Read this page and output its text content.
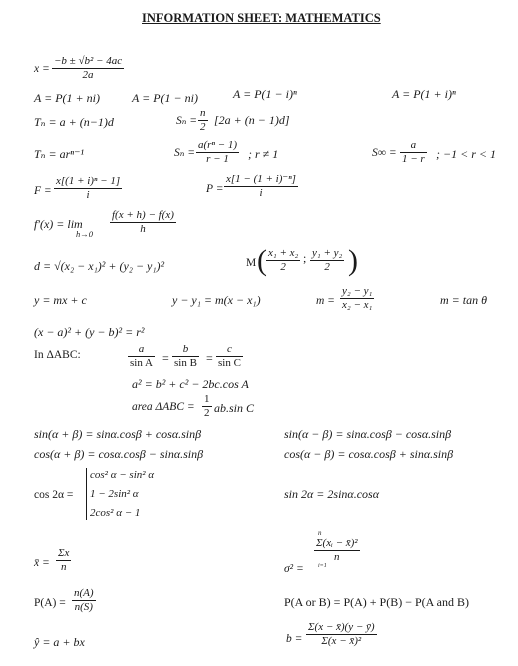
INFORMATION SHEET: MATHEMATICS
$x = \frac{\text{−b ± √b² − 4ac}}{2a}$
A = P(1 + ni)	A = P(1 − ni)	A = P(1 − i)ⁿ	A = P(1 + i)ⁿ
Tₙ = a + (n−1)d	$S_n = \frac{n}{2} [2a + (n - 1)d]$
Tₙ = arⁿ⁻¹	$S_n = \frac{\text{a(rⁿ − 1)}}{r - 1}$ ; r ≠ 1	$S\infty = \frac{a}{1 - r}$ ; −1 < r < 1
$F = \frac{\text{x[(1 + i)ⁿ − 1]}}{i}$	$P = \frac{\text{x[1 − (1 + i)⁻ⁿ]}}{i}$
f′(x) = lim
$h\to 0 \frac{f(x + h) - f(x)}{h}$
d = √(x₂ − x₁)² + (y₂ − y₁)²	M ( $\frac{\text{x₁ + x₂}}{2}$ ; $\frac{\text{y₁ + y₂}}{2}$ )
y = mx + c	y − y₁ = m(x − x₁)	$m = \frac{\text{y₂ − y₁}}{\text{x₂ − x₁}}$	m = tan θ
(x − a)² + (y − b)² = r²
In ΔABC:	$\frac{a}{\text{sin A}} = \frac{b}{\text{sin B}} = \frac{c}{\text{sin C}}$
a² = b² + c² − 2bc.cos A
area $\Delta ABC = \frac{1}{2} ab.\sin$ C
sin(α + β) = sinα.cosβ + cosα.sinβ	sin(α − β) = sinα.cosβ − cosα.sinβ
cos(α + β) = cosα.cosβ − sinα.sinβ	cos(α − β) = cosα.cosβ + sinα.sinβ
cos 2α =
cos² α − sin² α
1 − 2sin² α
2cos² α − 1
sin 2α = 2sinα.cosα
x̄ = $\frac{\Sigma x}{n}$	σ² =
n
$\frac{\text{Σ(xᵢ − x̄)²}}{n}$
i=1
$P(A) = \frac{n(A)}{n(S)}$	P(A or B) = P(A) + P(B) − P(A and B)
ŷ = a + bx	$b = \frac{\Sigma(x - x̄)(y - ȳ)}{\text{Σ(x − x̄)²}}$
